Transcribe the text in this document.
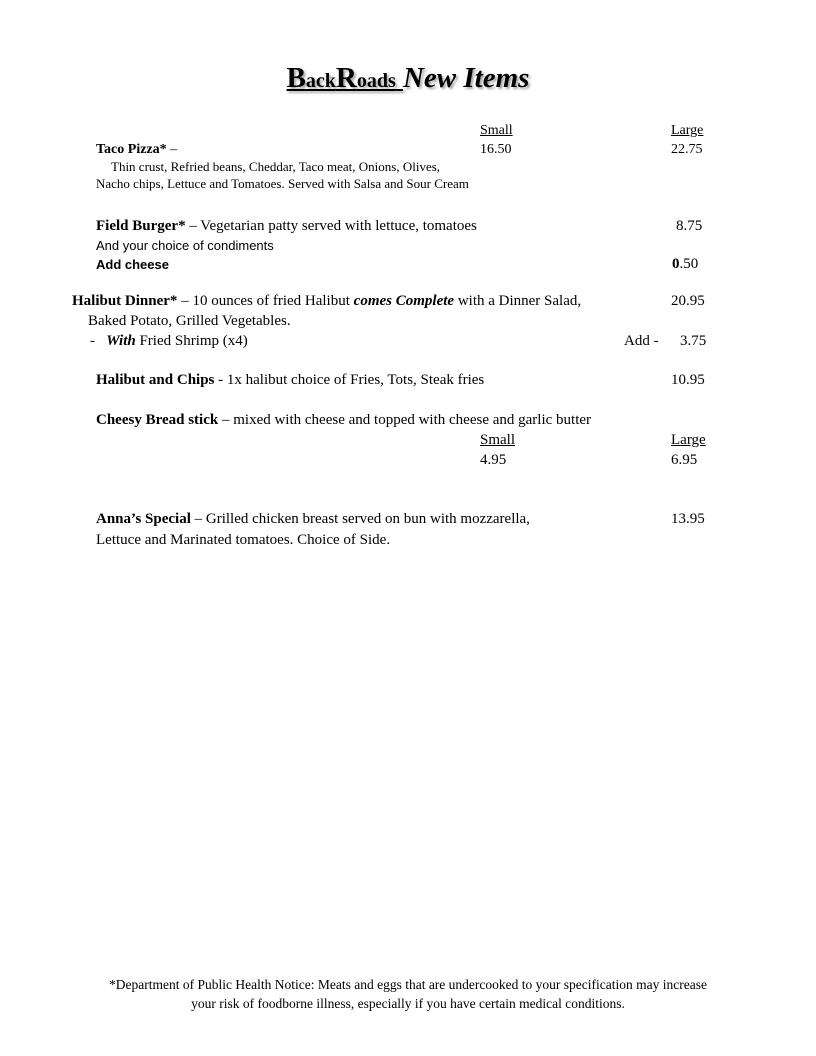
BackRoads New Items
Small	Large
Taco Pizza* –	16.50	22.75
Thin crust, Refried beans, Cheddar, Taco meat, Onions, Olives,
Nacho chips, Lettuce and Tomatoes. Served with Salsa and Sour Cream
Field Burger* – Vegetarian patty served with lettuce, tomatoes	8.75
And your choice of condiments
Add cheese	0.50
Halibut Dinner* – 10 ounces of fried Halibut comes Complete with a Dinner Salad,	20.95
Baked Potato, Grilled Vegetables.
- With Fried Shrimp (x4)	Add - 3.75
Halibut and Chips - 1x halibut choice of Fries, Tots, Steak fries	10.95
Cheesy Bread stick – mixed with cheese and topped with cheese and garlic butter
Small	Large
4.95	6.95
Anna’s Special – Grilled chicken breast served on bun with mozzarella,	13.95
Lettuce and Marinated tomatoes. Choice of Side.
*Department of Public Health Notice: Meats and eggs that are undercooked to your specification may increase
your risk of foodborne illness, especially if you have certain medical conditions.
